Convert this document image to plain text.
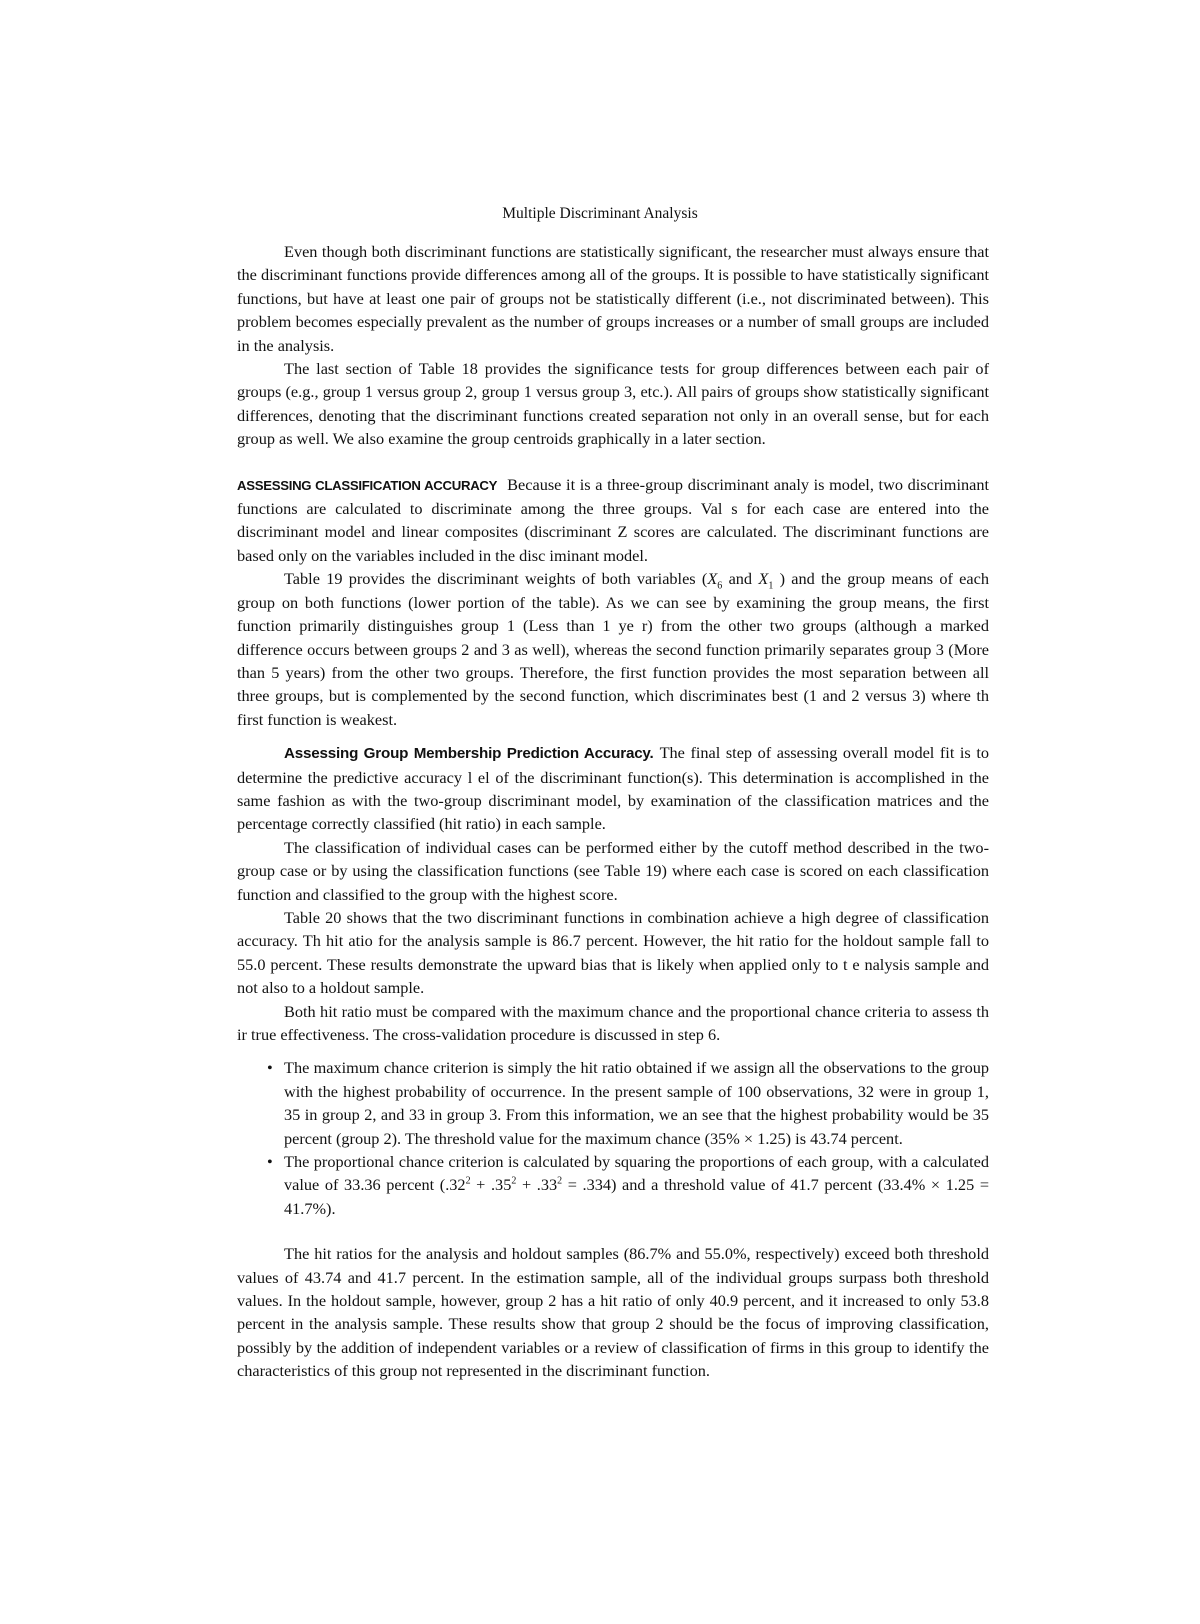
Multiple Discriminant Analysis

Even though both discriminant functions are statistically significant, the researcher must always ensure that the discriminant functions provide differences among all of the groups. It is possible to have statistically significant functions, but have at least one pair of groups not be statistically different (i.e., not discriminated between). This problem becomes especially prevalent as the number of groups increases or a number of small groups are included in the analysis.

The last section of Table 18 provides the significance tests for group differences between each pair of groups (e.g., group 1 versus group 2, group 1 versus group 3, etc.). All pairs of groups show statistically significant differences, denoting that the discriminant functions created separation not only in an overall sense, but for each group as well. We also examine the group centroids graphically in a later section.

ASSESSING CLASSIFICATION ACCURACY Because it is a three-group discriminant analy is model, two discriminant functions are calculated to discriminate among the three groups. Val s for each case are entered into the discriminant model and linear composites (discriminant Z scores are calculated. The discriminant functions are based only on the variables included in the disc iminant model.

Table 19 provides the discriminant weights of both variables ($X_6$ and $X_1$ ) and the group means of each group on both functions (lower portion of the table). As we can see by examining the group means, the first function primarily distinguishes group 1 (Less than 1 ye r) from the other two groups (although a marked difference occurs between groups 2 and 3 as well), whereas the second function primarily separates group 3 (More than 5 years) from the other two groups. Therefore, the first function provides the most separation between all three groups, but is complemented by the second function, which discriminates best (1 and 2 versus 3) where th first function is weakest.

Assessing Group Membership Prediction Accuracy. The final step of assessing overall model fit is to determine the predictive accuracy l el of the discriminant function(s). This determination is accomplished in the same fashion as with the two-group discriminant model, by examination of the classification matrices and the percentage correctly classified (hit ratio) in each sample.

The classification of individual cases can be performed either by the cutoff method described in the two-group case or by using the classification functions (see Table 19) where each case is scored on each classification function and classified to the group with the highest score.

Table 20 shows that the two discriminant functions in combination achieve a high degree of classification accuracy. Th hit atio for the analysis sample is 86.7 percent. However, the hit ratio for the holdout sample fall to 55.0 percent. These results demonstrate the upward bias that is likely when applied only to t e nalysis sample and not also to a holdout sample.

Both hit ratio must be compared with the maximum chance and the proportional chance criteria to assess th ir true effectiveness. The cross-validation procedure is discussed in step 6.

• The maximum chance criterion is simply the hit ratio obtained if we assign all the observations to the group with the highest probability of occurrence. In the present sample of 100 observations, 32 were in group 1, 35 in group 2, and 33 in group 3. From this information, we an see that the highest probability would be 35 percent (group 2). The threshold value for the maximum chance (35% × 1.25) is 43.74 percent.
• The proportional chance criterion is calculated by squaring the proportions of each group, with a calculated value of 33.36 percent $(.32^2 + .35^2 + .33^2 = .334)$ and a threshold value of 41.7 percent (33.4% × 1.25 = 41.7%).

The hit ratios for the analysis and holdout samples (86.7% and 55.0%, respectively) exceed both threshold values of 43.74 and 41.7 percent. In the estimation sample, all of the individual groups surpass both threshold values. In the holdout sample, however, group 2 has a hit ratio of only 40.9 percent, and it increased to only 53.8 percent in the analysis sample. These results show that group 2 should be the focus of improving classification, possibly by the addition of independent variables or a review of classification of firms in this group to identify the characteristics of this group not represented in the discriminant function.
